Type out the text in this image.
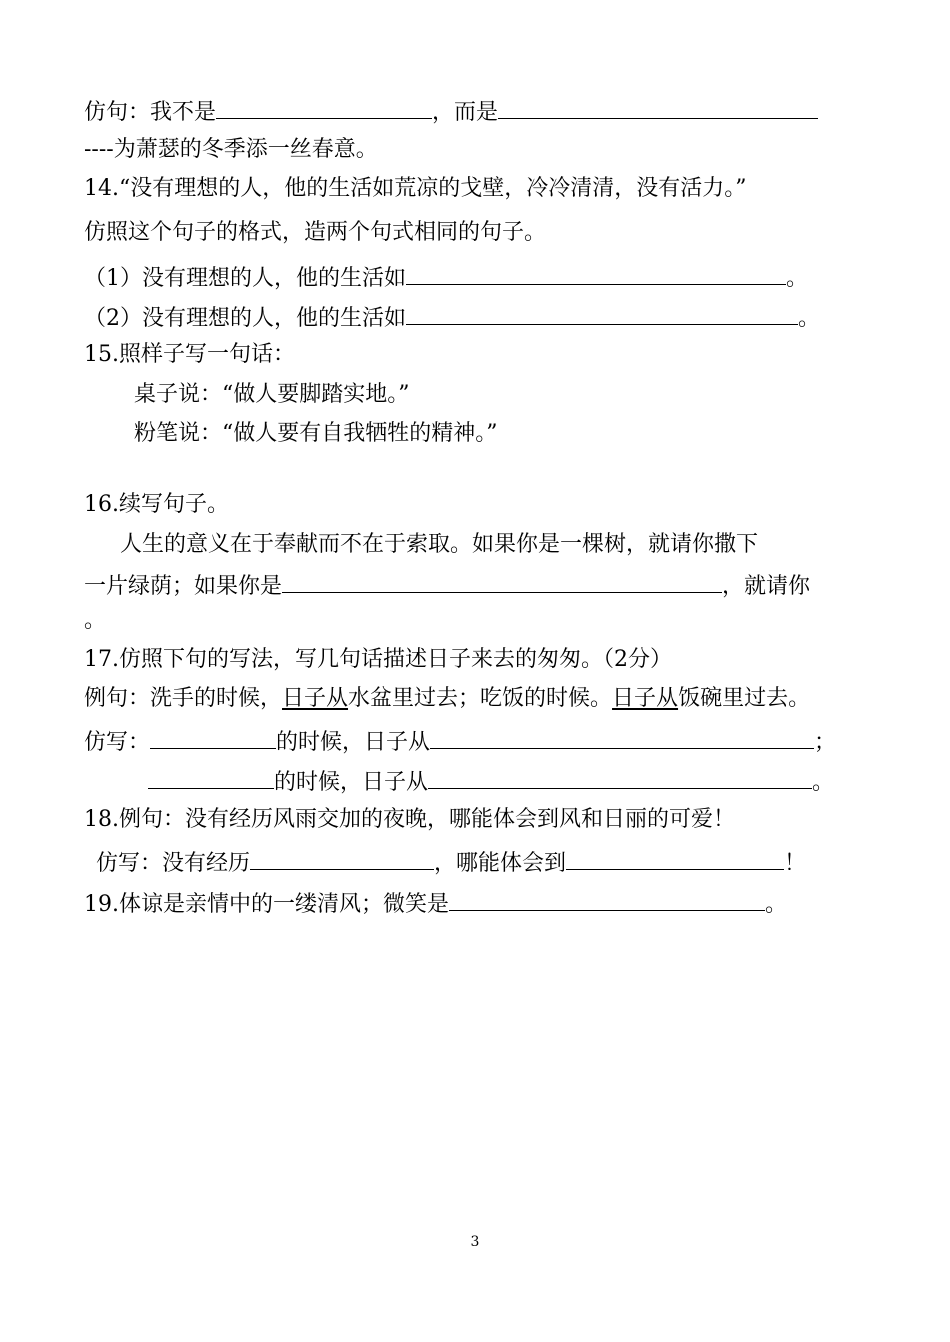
仿句：我不是	，而是
----为萧瑟的冬季添一丝春意。
14.“没有理想的人，他的生活如荒凉的戈壁，冷冷清清，没有活力。”
仿照这个句子的格式，造两个句式相同的句子。
（1）没有理想的人，他的生活如	。
（2）没有理想的人，他的生活如	。
15.照样子写一句话：
桌子说：“做人要脚踏实地。”
粉笔说：“做人要有自我牺牲的精神。”
16.续写句子。
人生的意义在于奉献而不在于索取。如果你是一棵树，就请你撒下
一片绿荫；如果你是	，就请你
。
17.仿照下句的写法，写几句话描述日子来去的匆匆。（2分）
例句：洗手的时候，日子从水盆里过去；吃饭的时候。日子从饭碗里过去。
仿写：	的时候，日子从	；
的时候，日子从	。
18.例句：没有经历风雨交加的夜晚，哪能体会到风和日丽的可爱！
仿写：没有经历	，哪能体会到	！
19.体谅是亲情中的一缕清风；微笑是	。
3
